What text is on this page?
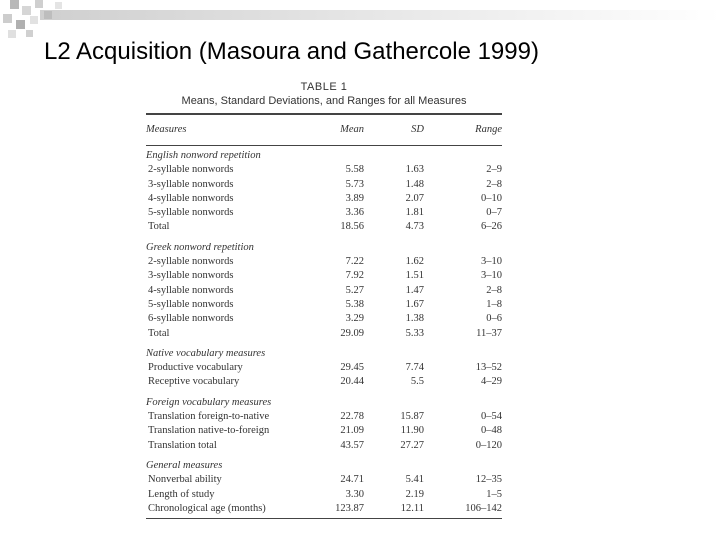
L2 Acquisition (Masoura and Gathercole 1999)
TABLE 1
Means, Standard Deviations, and Ranges for all Measures
Measures	Mean	SD	Range

English nonword repetition			
2-syllable nonwords	5.58	1.63	2–9
3-syllable nonwords	5.73	1.48	2–8
4-syllable nonwords	3.89	2.07	0–10
5-syllable nonwords	3.36	1.81	0–7
Total	18.56	4.73	6–26
Greek nonword repetition			
2-syllable nonwords	7.22	1.62	3–10
3-syllable nonwords	7.92	1.51	3–10
4-syllable nonwords	5.27	1.47	2–8
5-syllable nonwords	5.38	1.67	1–8
6-syllable nonwords	3.29	1.38	0–6
Total	29.09	5.33	11–37
Native vocabulary measures			
Productive vocabulary	29.45	7.74	13–52
Receptive vocabulary	20.44	5.5	4–29
Foreign vocabulary measures			
Translation foreign-to-native	22.78	15.87	0–54
Translation native-to-foreign	21.09	11.90	0–48
Translation total	43.57	27.27	0–120
General measures			
Nonverbal ability	24.71	5.41	12–35
Length of study	3.30	2.19	1–5
Chronological age (months)	123.87	12.11	106–142
